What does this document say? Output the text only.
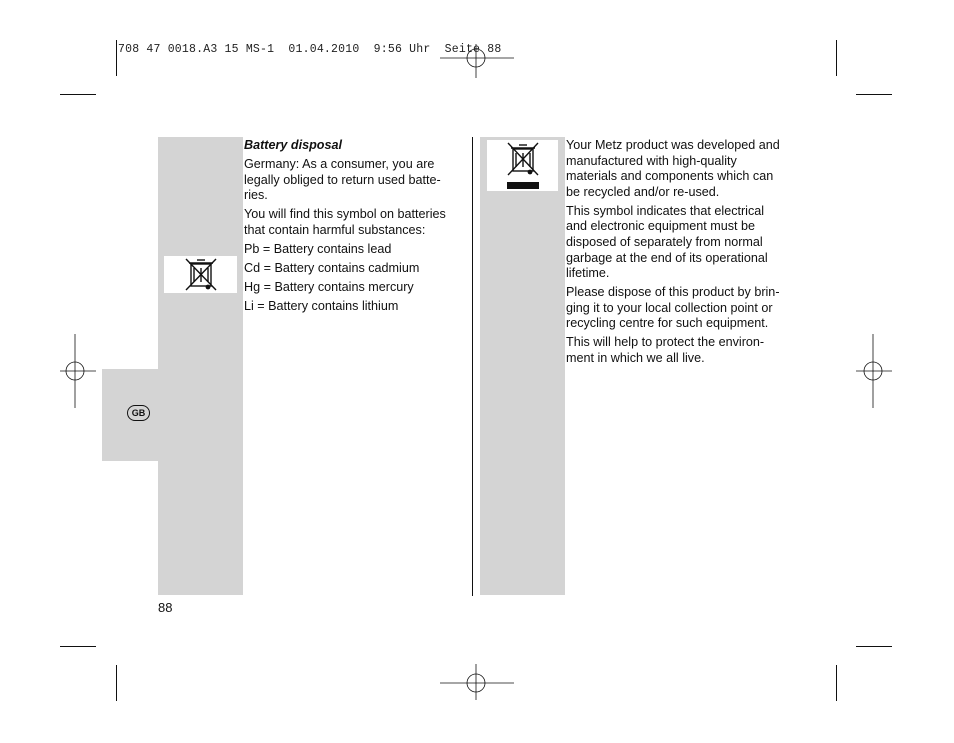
708 47 0018.A3 15 MS-1  01.04.2010  9:56 Uhr  Seite 88
GB

Battery disposal

Germany: As a consumer, you are legally obliged to return used batte-ries.

You will find this symbol on batteries that contain harmful substances:

Pb = Battery contains lead

Cd = Battery contains cadmium

Hg = Battery contains mercury

Li = Battery contains lithium

Your Metz product was developed and manufactured with high-quality materials and components which can be recycled and/or re-used.

This symbol indicates that electrical and electronic equipment must be disposed of separately from normal garbage at the end of its operational lifetime.

Please dispose of this product by brin-ging it to your local collection point or recycling centre for such equipment.

This will help to protect the environ-ment in which we all live.

88
